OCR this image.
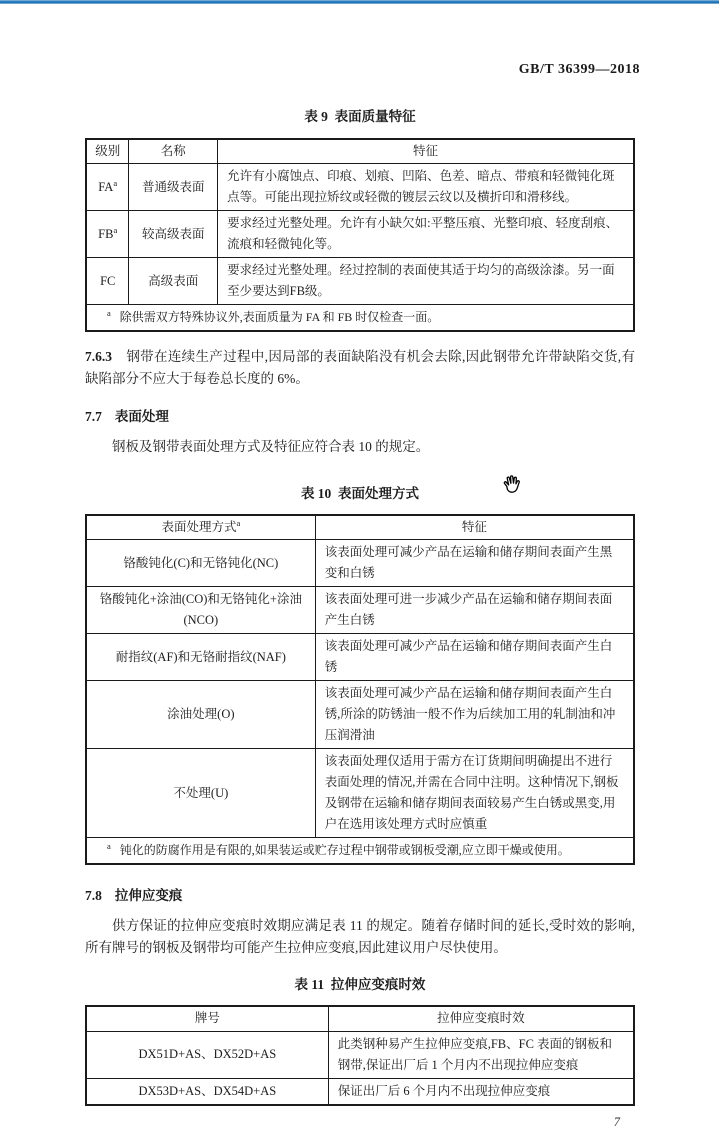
GB/T 36399—2018
表 9  表面质量特征
级别	名称	特征
$FA^a$	普通级表面	允许有小腐蚀点、印痕、划痕、凹陷、色差、暗点、带痕和轻微钝化斑点等。可能出现拉矫纹或轻微的镀层云纹以及横折印和滑移线。
$FB^a$	较高级表面	要求经过光整处理。允许有小缺欠如:平整压痕、光整印痕、轻度刮痕、流痕和轻微钝化等。
FC	高级表面	要求经过光整处理。经过控制的表面使其适于均匀的高级涂漆。另一面至少要达到FB级。
$^a$ 除供需双方特殊协议外,表面质量为 FA 和 FB 时仅检查一面。		

7.6.3 钢带在连续生产过程中,因局部的表面缺陷没有机会去除,因此钢带允许带缺陷交货,有缺陷部分不应大于每卷总长度的 6%。

7.7 表面处理

钢板及钢带表面处理方式及特征应符合表 10 的规定。

表 10  表面处理方式
表面处理方式$^a$	特征
铬酸钝化(C)和无铬钝化(NC)	该表面处理可减少产品在运输和储存期间表面产生黑变和白锈
铬酸钝化+涂油(CO)和无铬钝化+涂油(NCO)	该表面处理可进一步减少产品在运输和储存期间表面产生白锈
耐指纹(AF)和无铬耐指纹(NAF)	该表面处理可减少产品在运输和储存期间表面产生白锈
涂油处理(O)	该表面处理可减少产品在运输和储存期间表面产生白锈,所涂的防锈油一般不作为后续加工用的轧制油和冲压润滑油
不处理(U)	该表面处理仅适用于需方在订货期间明确提出不进行表面处理的情况,并需在合同中注明。这种情况下,钢板及钢带在运输和储存期间表面较易产生白锈或黑变,用户在选用该处理方式时应慎重
$^a$ 钝化的防腐作用是有限的,如果装运或贮存过程中钢带或钢板受潮,应立即干燥或使用。	
7.8 拉伸应变痕

供方保证的拉伸应变痕时效期应满足表 11 的规定。随着存储时间的延长,受时效的影响,所有牌号的钢板及钢带均可能产生拉伸应变痕,因此建议用户尽快使用。

表 11  拉伸应变痕时效
牌号	拉伸应变痕时效
DX51D+AS、DX52D+AS	此类钢种易产生拉伸应变痕,FB、FC 表面的钢板和钢带,保证出厂后 1 个月内不出现拉伸应变痕
DX53D+AS、DX54D+AS	保证出厂后 6 个月内不出现拉伸应变痕
7
